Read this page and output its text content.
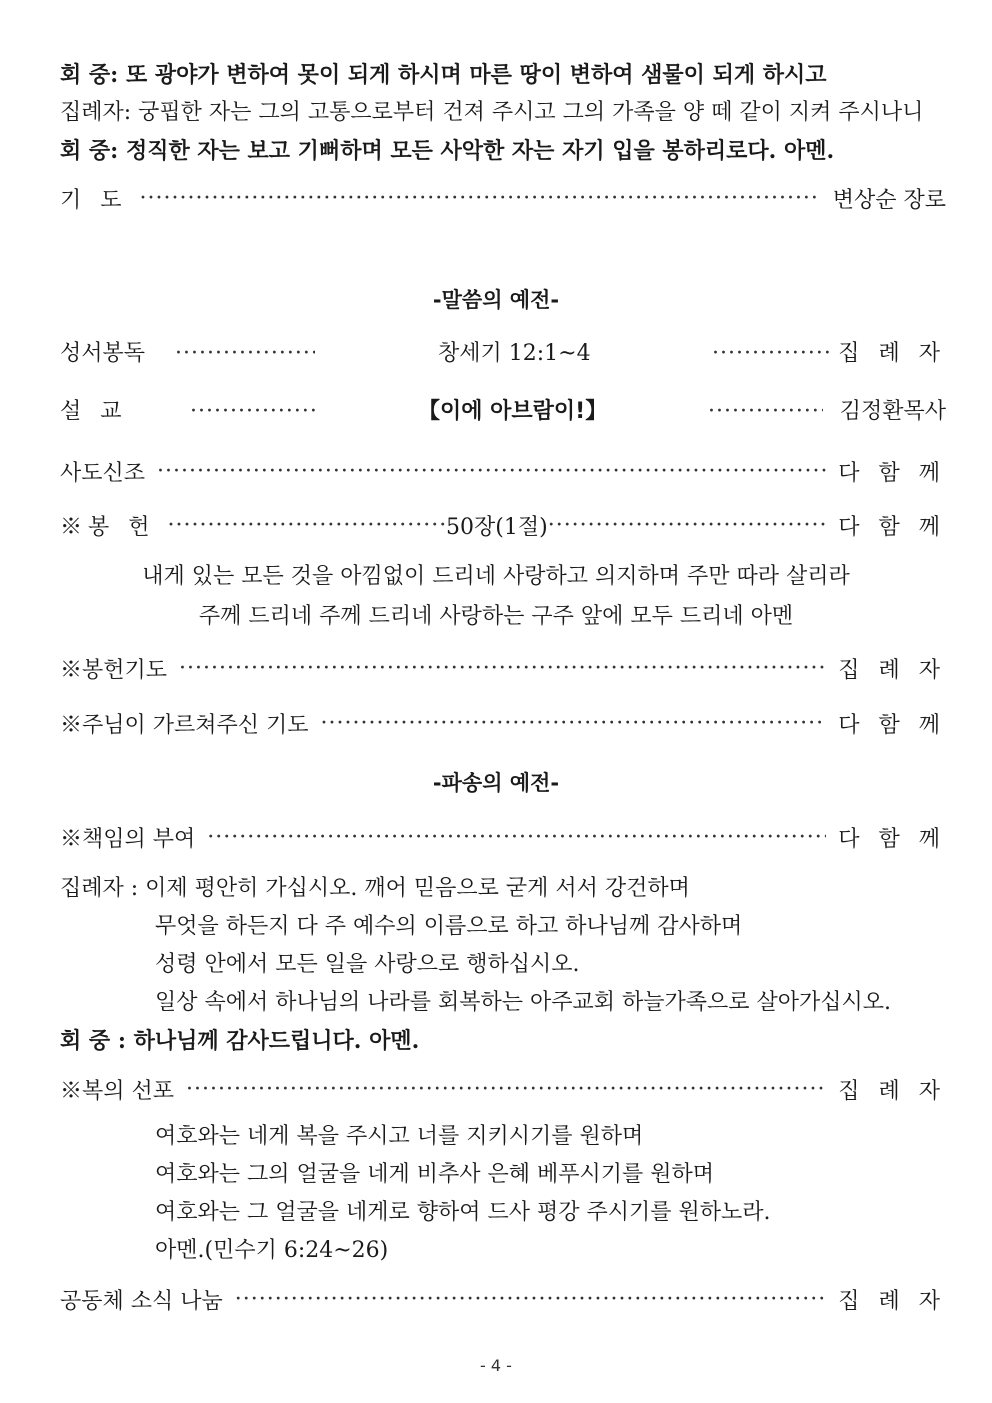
회 중: 또 광야가 변하여 못이 되게 하시며 마른 땅이 변하여 샘물이 되게 하시고
집례자: 궁핍한 자는 그의 고통으로부터 건져 주시고 그의 가족을 양 떼 같이 지켜 주시나니
회 중: 정직한 자는 보고 기뻐하며 모든 사악한 자는 자기 입을 봉하리로다. 아멘.
기 도 ·····	변상순 장로
-말씀의 예전-
성서봉독 ·····	창세기 12:1~4 ·····	집 례 자
설 교 ·····	【이에 아브람이!】 ·····	김정환목사
사도신조 ·····	다 함 께
※봉 헌 ·····	50장(1절) ·····	다 함 께
내게 있는 모든 것을 아낌없이 드리네 사랑하고 의지하며 주만 따라 살리라
주께 드리네 주께 드리네 사랑하는 구주 앞에 모두 드리네 아멘
※봉헌기도 ·····	집 례 자
※주님이 가르쳐주신 기도 ·····	다 함 께
-파송의 예전-
※책임의 부여 ·····	다 함 께
집례자 : 이제 평안히 가십시오. 깨어 믿음으로 굳게 서서 강건하며
무엇을 하든지 다 주 예수의 이름으로 하고 하나님께 감사하며
성령 안에서 모든 일을 사랑으로 행하십시오.
일상 속에서 하나님의 나라를 회복하는 아주교회 하늘가족으로 살아가십시오.
회 중 : 하나님께 감사드립니다. 아멘.
※복의 선포 ·····	집 례 자
여호와는 네게 복을 주시고 너를 지키시기를 원하며
여호와는 그의 얼굴을 네게 비추사 은혜 베푸시기를 원하며
여호와는 그 얼굴을 네게로 향하여 드사 평강 주시기를 원하노라.
아멘.(민수기 6:24~26)
공동체 소식 나눔 ·····	집 례 자
- 4 -
